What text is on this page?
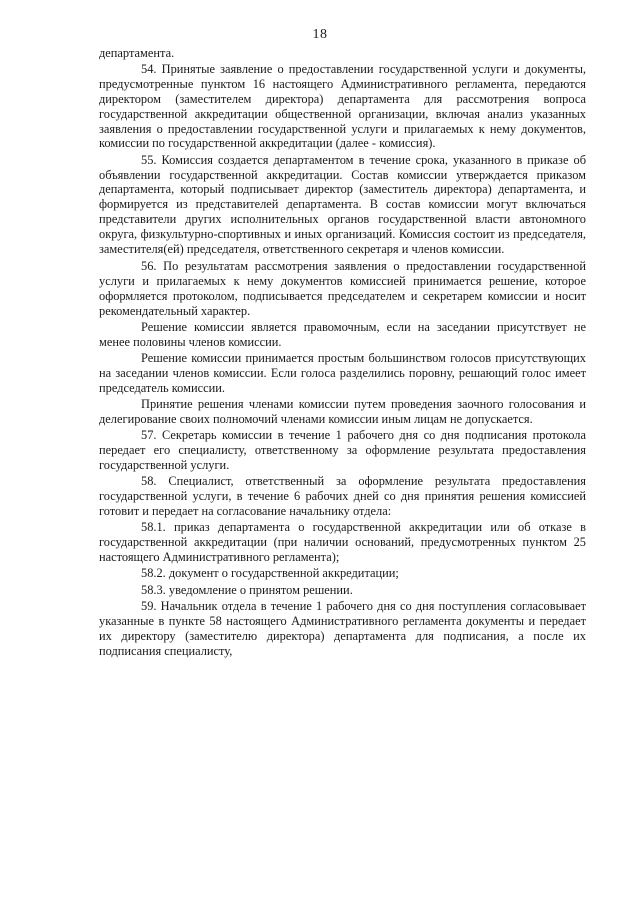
18

департамента.

54. Принятые заявление о предоставлении государственной услуги и документы, предусмотренные пунктом 16 настоящего Административного регламента, передаются директором (заместителем директора) департамента для рассмотрения вопроса государственной аккредитации общественной организации, включая анализ указанных заявления о предоставлении государственной услуги и прилагаемых к нему документов, комиссии по государственной аккредитации (далее - комиссия).

55. Комиссия создается департаментом в течение срока, указанного в приказе об объявлении государственной аккредитации. Состав комиссии утверждается приказом департамента, который подписывает директор (заместитель директора) департамента, и формируется из представителей департамента. В состав комиссии могут включаться представители других исполнительных органов государственной власти автономного округа, физкультурно-спортивных и иных организаций. Комиссия состоит из председателя, заместителя(ей) председателя, ответственного секретаря и членов комиссии.

56. По результатам рассмотрения заявления о предоставлении государственной услуги и прилагаемых к нему документов комиссией принимается решение, которое оформляется протоколом, подписывается председателем и секретарем комиссии и носит рекомендательный характер.

Решение комиссии является правомочным, если на заседании присутствует не менее половины членов комиссии.

Решение комиссии принимается простым большинством голосов присутствующих на заседании членов комиссии. Если голоса разделились поровну, решающий голос имеет председатель комиссии.

Принятие решения членами комиссии путем проведения заочного голосования и делегирование своих полномочий членами комиссии иным лицам не допускается.

57. Секретарь комиссии в течение 1 рабочего дня со дня подписания протокола передает его специалисту, ответственному за оформление результата предоставления государственной услуги.

58. Специалист, ответственный за оформление результата предоставления государственной услуги, в течение 6 рабочих дней со дня принятия решения комиссией готовит и передает на согласование начальнику отдела:

58.1. приказ департамента о государственной аккредитации или об отказе в государственной аккредитации (при наличии оснований, предусмотренных пунктом 25 настоящего Административного регламента);

58.2. документ о государственной аккредитации;

58.3. уведомление о принятом решении.

59. Начальник отдела в течение 1 рабочего дня со дня поступления согласовывает указанные в пункте 58 настоящего Административного регламента документы и передает их директору (заместителю директора) департамента для подписания, а после их подписания специалисту,
